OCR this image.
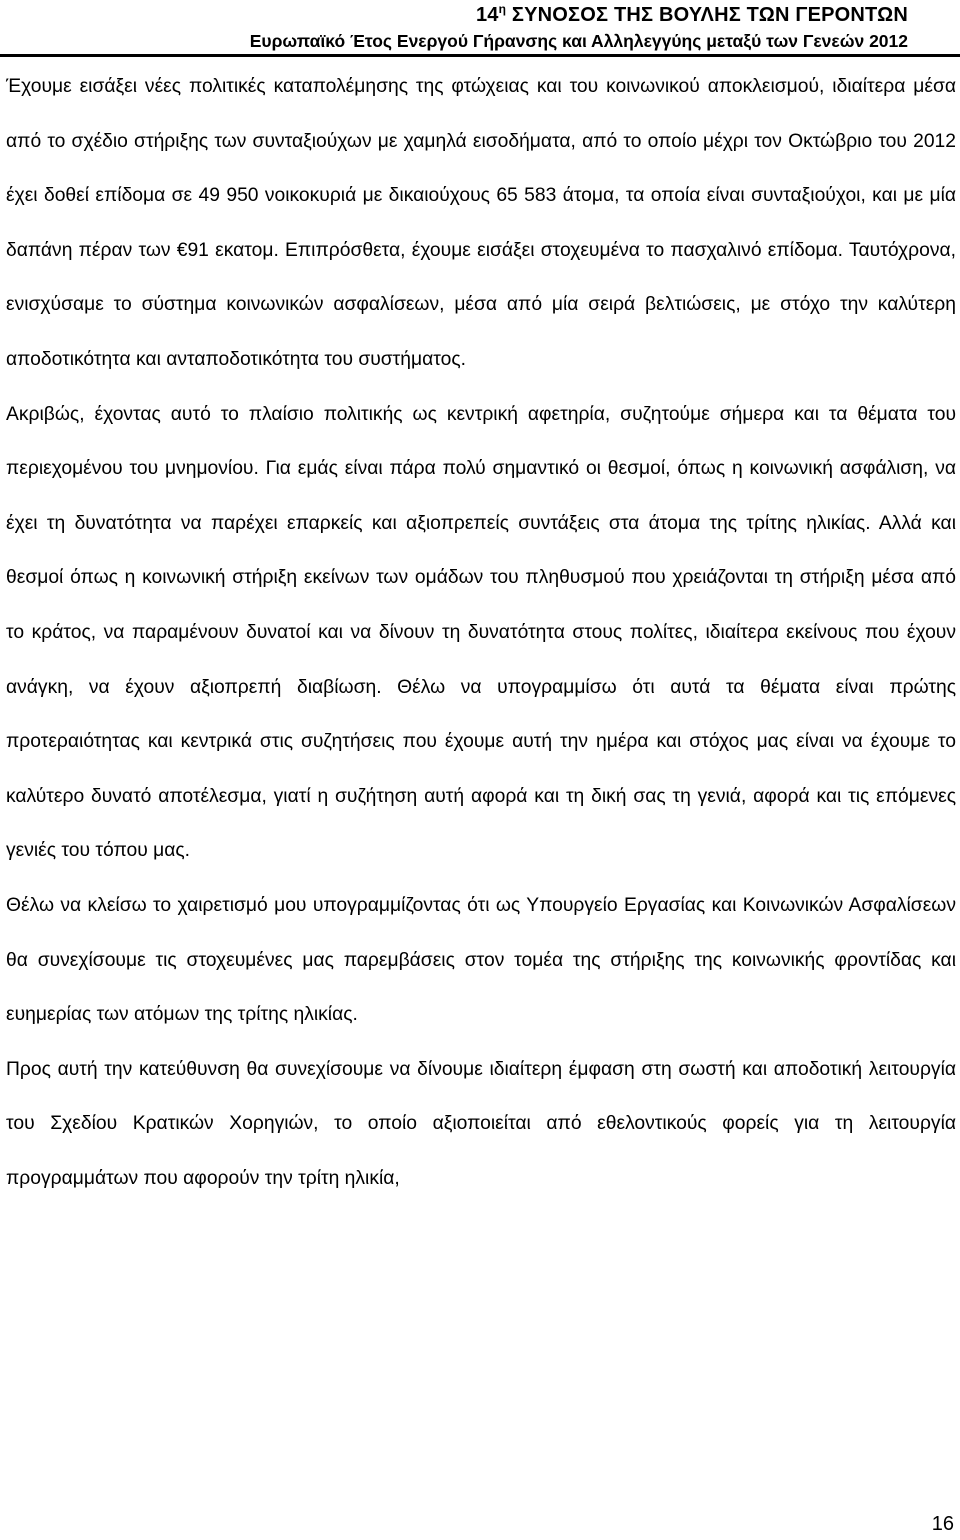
$14^\eta$ ΣΥΝΟΣΟΣ ΤΗΣ ΒΟΥΛΗΣ ΤΩΝ ΓΕΡΟΝΤΩΝ
Ευρωπαϊκό Έτος Ενεργού Γήρανσης και Αλληλεγγύης μεταξύ των Γενεών 2012

Έχουμε εισάξει νέες πολιτικές καταπολέμησης της φτώχειας και του κοινωνικού αποκλεισμού, ιδιαίτερα μέσα από το σχέδιο στήριξης των συνταξιούχων με χαμηλά εισοδήματα, από το οποίο μέχρι τον Οκτώβριο του 2012 έχει δοθεί επίδομα σε 49 950 νοικοκυριά με δικαιούχους 65 583 άτομα, τα οποία είναι συνταξιούχοι, και με μία δαπάνη πέραν των €91 εκατομ. Επιπρόσθετα, έχουμε εισάξει στοχευμένα το πασχαλινό επίδομα. Ταυτόχρονα, ενισχύσαμε το σύστημα κοινωνικών ασφαλίσεων, μέσα από μία σειρά βελτιώσεις, με στόχο την καλύτερη αποδοτικότητα και ανταποδοτικότητα του συστήματος.

Ακριβώς, έχοντας αυτό το πλαίσιο πολιτικής ως κεντρική αφετηρία, συζητούμε σήμερα και τα θέματα του περιεχομένου του μνημονίου. Για εμάς είναι πάρα πολύ σημαντικό οι θεσμοί, όπως η κοινωνική ασφάλιση, να έχει τη δυνατότητα να παρέχει επαρκείς και αξιοπρεπείς συντάξεις στα άτομα της τρίτης ηλικίας. Αλλά και θεσμοί όπως η κοινωνική στήριξη εκείνων των ομάδων του πληθυσμού που χρειάζονται τη στήριξη μέσα από το κράτος, να παραμένουν δυνατοί και να δίνουν τη δυνατότητα στους πολίτες, ιδιαίτερα εκείνους που έχουν ανάγκη, να έχουν αξιοπρεπή διαβίωση. Θέλω να υπογραμμίσω ότι αυτά τα θέματα είναι πρώτης προτεραιότητας και κεντρικά στις συζητήσεις που έχουμε αυτή την ημέρα και στόχος μας είναι να έχουμε το καλύτερο δυνατό αποτέλεσμα, γιατί η συζήτηση αυτή αφορά και τη δική σας τη γενιά, αφορά και τις επόμενες γενιές του τόπου μας.

Θέλω να κλείσω το χαιρετισμό μου υπογραμμίζοντας ότι ως Υπουργείο Εργασίας και Κοινωνικών Ασφαλίσεων θα συνεχίσουμε τις στοχευμένες μας παρεμβάσεις στον τομέα της στήριξης της κοινωνικής φροντίδας και ευημερίας των ατόμων της τρίτης ηλικίας.

Προς αυτή την κατεύθυνση θα συνεχίσουμε να δίνουμε ιδιαίτερη έμφαση στη σωστή και αποδοτική λειτουργία του Σχεδίου Κρατικών Χορηγιών, το οποίο αξιοποιείται από εθελοντικούς φορείς για τη λειτουργία προγραμμάτων που αφορούν την τρίτη ηλικία,

16
